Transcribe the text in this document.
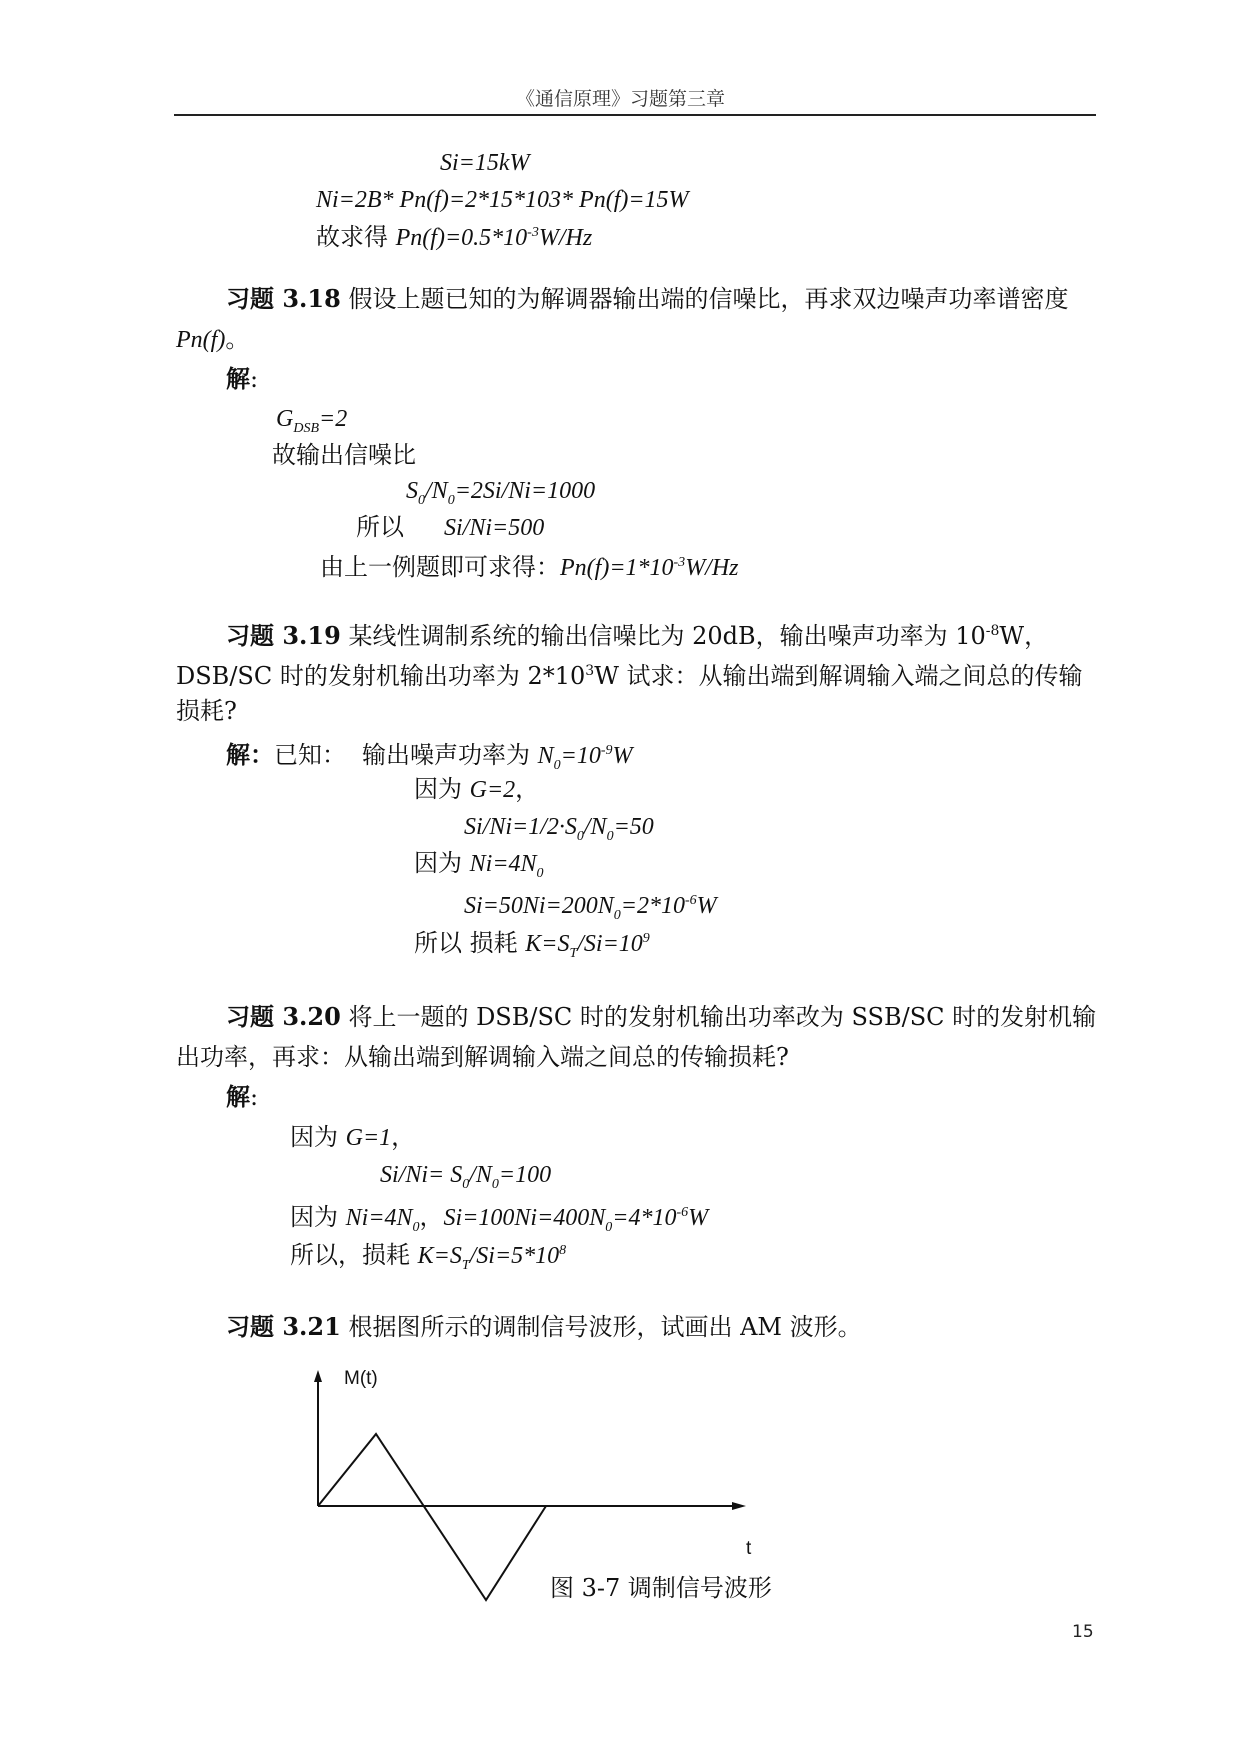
《通信原理》习题第三章
Si=15kW
Ni=2B* Pn(f)=2*15*103* Pn(f)=15W
故求得 $Pn(f)=0.5*10^{-3}W/Hz$
习题 3.18 假设上题已知的为解调器输出端的信噪比，再求双边噪声功率谱密度
Pn(f)。
解:
$G_{DSB}=2$
故输出信噪比
$S_0/N_0=2Si/Ni=1000$
所以 Si/Ni=500
由上一例题即可求得：$Pn(f)=1*10^{-3}W/Hz$
习题 3.19 某线性调制系统的输出信噪比为 20dB，输出噪声功率为 $10^{-8}W$，
DSB/SC 时的发射机输出功率为 $2*10^3W$ 试求：从输出端到解调输入端之间总的传输
损耗?
解：已知： 输出噪声功率为 $N_0=10^{-9}W$
因为 G=2，
$Si/Ni=1/2\cdot S_0/N_0=50$
因为 $Ni=4N_0$
$Si=50Ni=200N_0=2*10^{-6}W$
所以 损耗 $K=S_T/Si=10^9$
习题 3.20 将上一题的 DSB/SC 时的发射机输出功率改为 SSB/SC 时的发射机输
出功率，再求：从输出端到解调输入端之间总的传输损耗?
解:
因为 G=1，
$Si/Ni= S_0/N_0=100$
因为 $Ni=4N_0$，$Si=100Ni=400N_0=4*10^{-6}W$
所以，损耗 $K=S_T/Si=5*10^8$
习题 3.21 根据图所示的调制信号波形，试画出 AM 波形。
M(t)
t
图 3-7 调制信号波形
15
